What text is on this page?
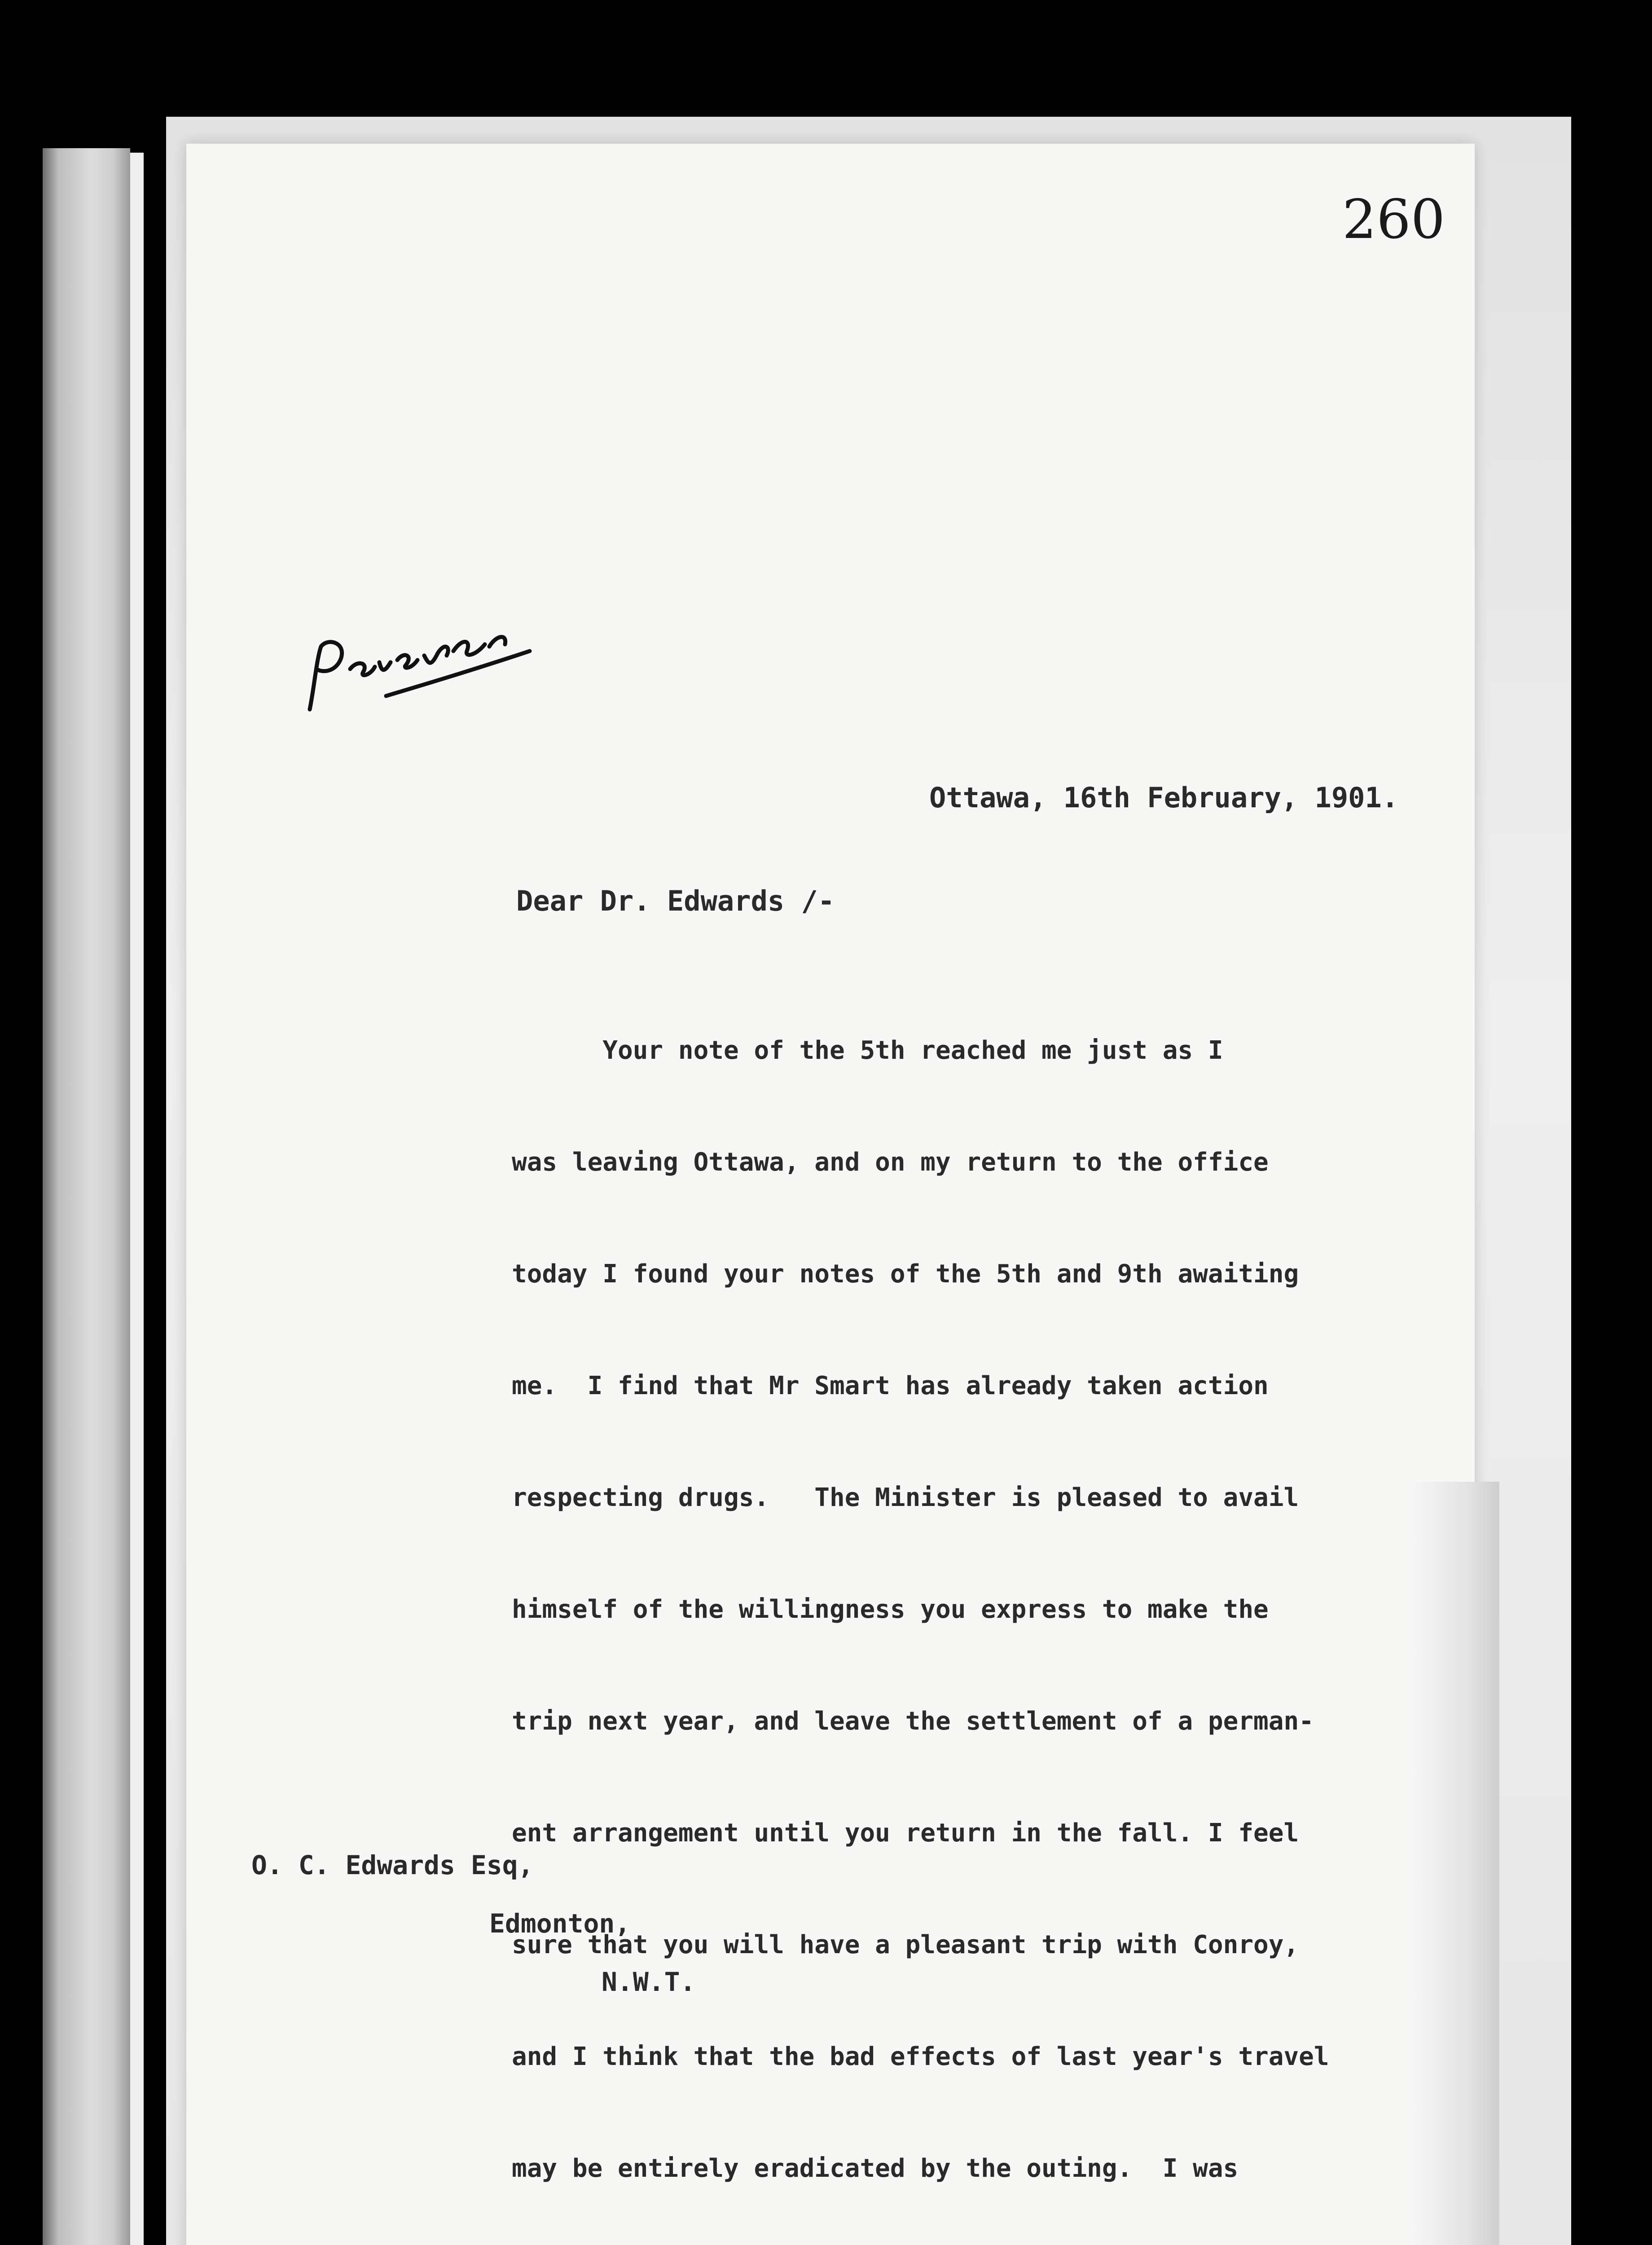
260
Ottawa, 16th February, 1901.
Dear Dr. Edwards /-

Your note of the 5th reached me just as I

was leaving Ottawa, and on my return to the office

today I found your notes of the 5th and 9th awaiting

me.  I find that Mr Smart has already taken action

respecting drugs.   The Minister is pleased to avail

himself of the willingness you express to make the

trip next year, and leave the settlement of a perman-

ent arrangement until you return in the fall. I feel

sure that you will have a pleasant trip with Conroy,

and I think that the bad effects of last year's travel

may be entirely eradicated by the outing.  I was

O. C. Edwards Esq,
Edmonton,
N.W.T.
